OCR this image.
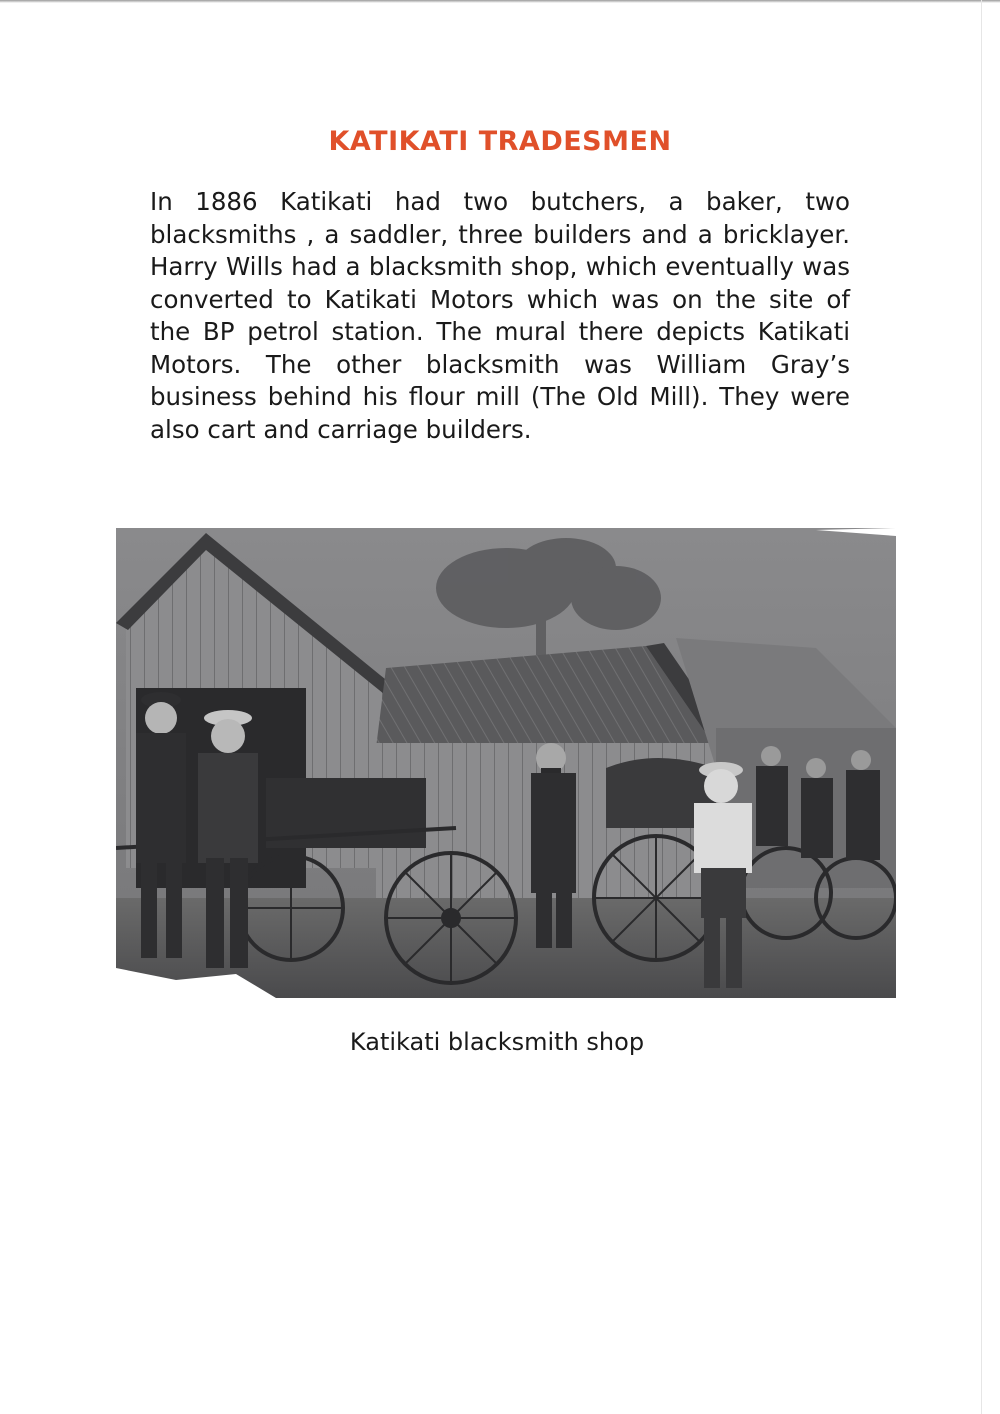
KATIKATI TRADESMEN

In 1886 Katikati had two butchers, a baker, two blacksmiths , a saddler, three builders and a bricklayer. Harry Wills had a blacksmith shop, which eventually was converted to Katikati Motors which was on the site of the BP petrol station. The mural there depicts Katikati Motors. The other blacksmith was William Gray’s business behind his flour mill (The Old Mill). They were also cart and carriage builders.

Katikati blacksmith shop
